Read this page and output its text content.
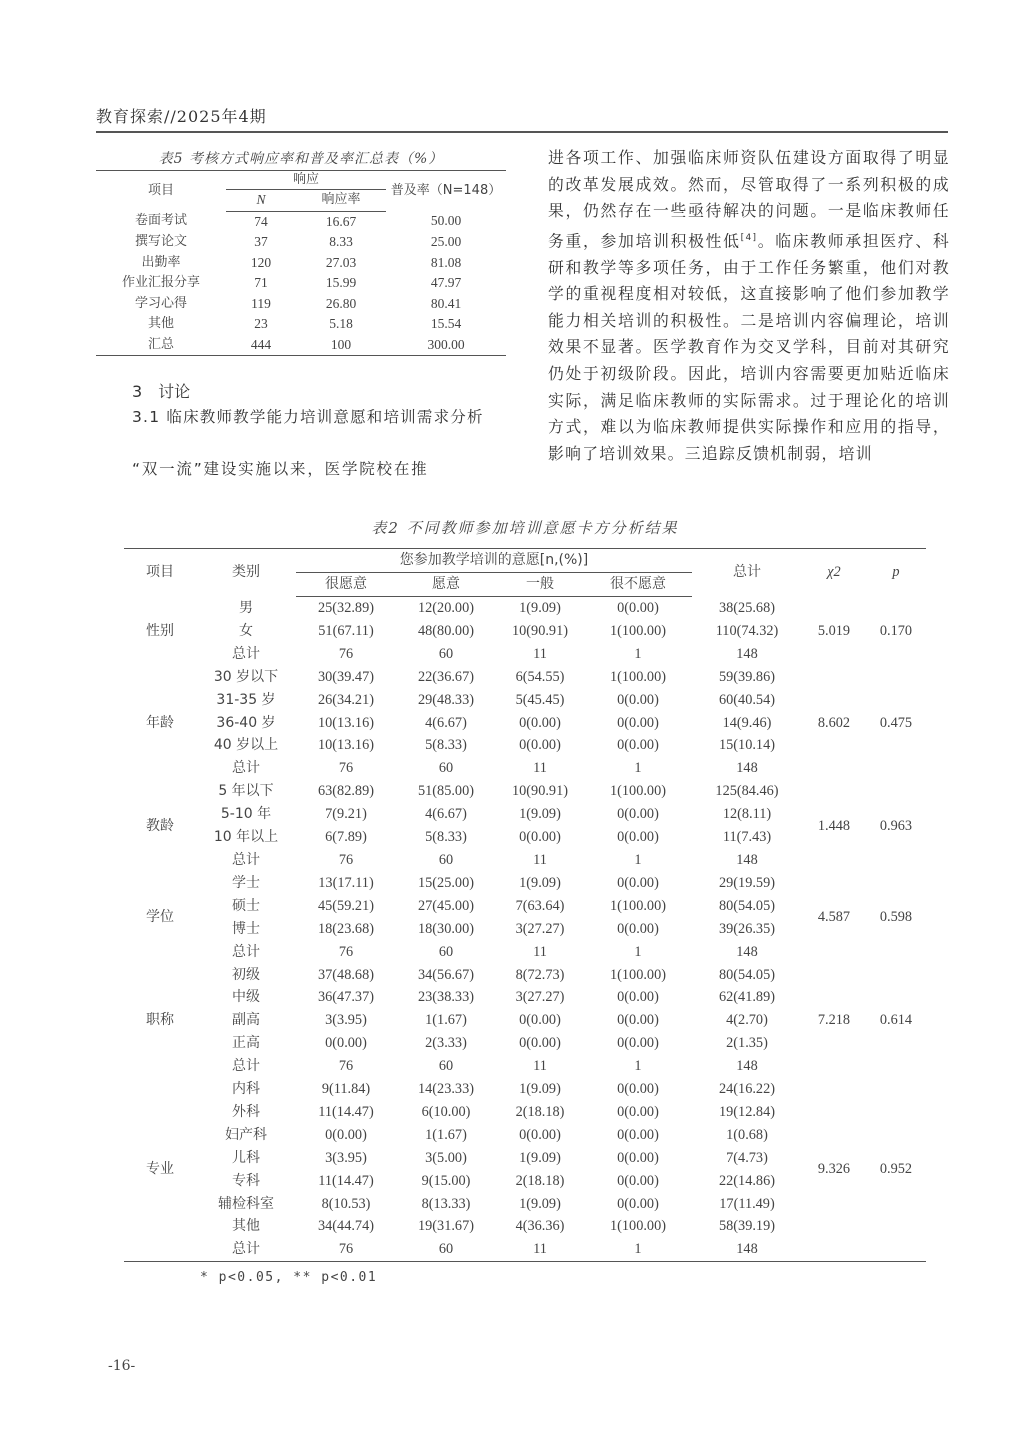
教育探索//2025年4期
表5 考核方式响应率和普及率汇总表（%）
项目	响应		普及率（N=148）
	N	响应率	
卷面考试	74	16.67	50.00
撰写论文	37	8.33	25.00
出勤率	120	27.03	81.08
作业汇报分享	71	15.99	47.97
学习心得	119	26.80	80.41
其他	23	5.18	15.54
汇总	444	100	300.00
3　讨论
3.1 临床教师教学能力培训意愿和培训需求分析
“双一流”建设实施以来，医学院校在推
进各项工作、加强临床师资队伍建设方面取得了明显的改革发展成效。然而，尽管取得了一系列积极的成果，仍然存在一些亟待解决的问题。一是临床教师任务重，参加培训积极性低[4]。临床教师承担医疗、科研和教学等多项任务，由于工作任务繁重，他们对教学的重视程度相对较低，这直接影响了他们参加教学能力相关培训的积极性。二是培训内容偏理论，培训效果不显著。医学教育作为交叉学科，目前对其研究仍处于初级阶段。因此，培训内容需要更加贴近临床实际，满足临床教师的实际需求。过于理论化的培训方式，难以为临床教师提供实际操作和应用的指导，影响了培训效果。三追踪反馈机制弱，培训
表2 不同教师参加培训意愿卡方分析结果
项目	类别	您参加教学培训的意愿[n,(%)]				总计	χ2	p
		很愿意	愿意	一般	很不愿意			
性别	男	25(32.89)	12(20.00)	1(9.09)	0(0.00)	38(25.68)	5.019	0.170
	女	51(67.11)	48(80.00)	10(90.91)	1(100.00)	110(74.32)		
	总计	76	60	11	1	148		
年龄	30 岁以下	30(39.47)	22(36.67)	6(54.55)	1(100.00)	59(39.86)	8.602	0.475
	31-35 岁	26(34.21)	29(48.33)	5(45.45)	0(0.00)	60(40.54)		
	36-40 岁	10(13.16)	4(6.67)	0(0.00)	0(0.00)	14(9.46)		
	40 岁以上	10(13.16)	5(8.33)	0(0.00)	0(0.00)	15(10.14)		
	总计	76	60	11	1	148		
教龄	5 年以下	63(82.89)	51(85.00)	10(90.91)	1(100.00)	125(84.46)	1.448	0.963
	5-10 年	7(9.21)	4(6.67)	1(9.09)	0(0.00)	12(8.11)		
	10 年以上	6(7.89)	5(8.33)	0(0.00)	0(0.00)	11(7.43)		
	总计	76	60	11	1	148		
学位	学士	13(17.11)	15(25.00)	1(9.09)	0(0.00)	29(19.59)	4.587	0.598
	硕士	45(59.21)	27(45.00)	7(63.64)	1(100.00)	80(54.05)		
	博士	18(23.68)	18(30.00)	3(27.27)	0(0.00)	39(26.35)		
	总计	76	60	11	1	148		
职称	初级	37(48.68)	34(56.67)	8(72.73)	1(100.00)	80(54.05)	7.218	0.614
	中级	36(47.37)	23(38.33)	3(27.27)	0(0.00)	62(41.89)		
	副高	3(3.95)	1(1.67)	0(0.00)	0(0.00)	4(2.70)		
	正高	0(0.00)	2(3.33)	0(0.00)	0(0.00)	2(1.35)		
	总计	76	60	11	1	148		
专业	内科	9(11.84)	14(23.33)	1(9.09)	0(0.00)	24(16.22)	9.326	0.952
	外科	11(14.47)	6(10.00)	2(18.18)	0(0.00)	19(12.84)		
	妇产科	0(0.00)	1(1.67)	0(0.00)	0(0.00)	1(0.68)		
	儿科	3(3.95)	3(5.00)	1(9.09)	0(0.00)	7(4.73)		
	专科	11(14.47)	9(15.00)	2(18.18)	0(0.00)	22(14.86)		
	辅检科室	8(10.53)	8(13.33)	1(9.09)	0(0.00)	17(11.49)		
	其他	34(44.74)	19(31.67)	4(36.36)	1(100.00)	58(39.19)		
	总计	76	60	11	1	148		
* p<0.05, ** p<0.01
-16-
